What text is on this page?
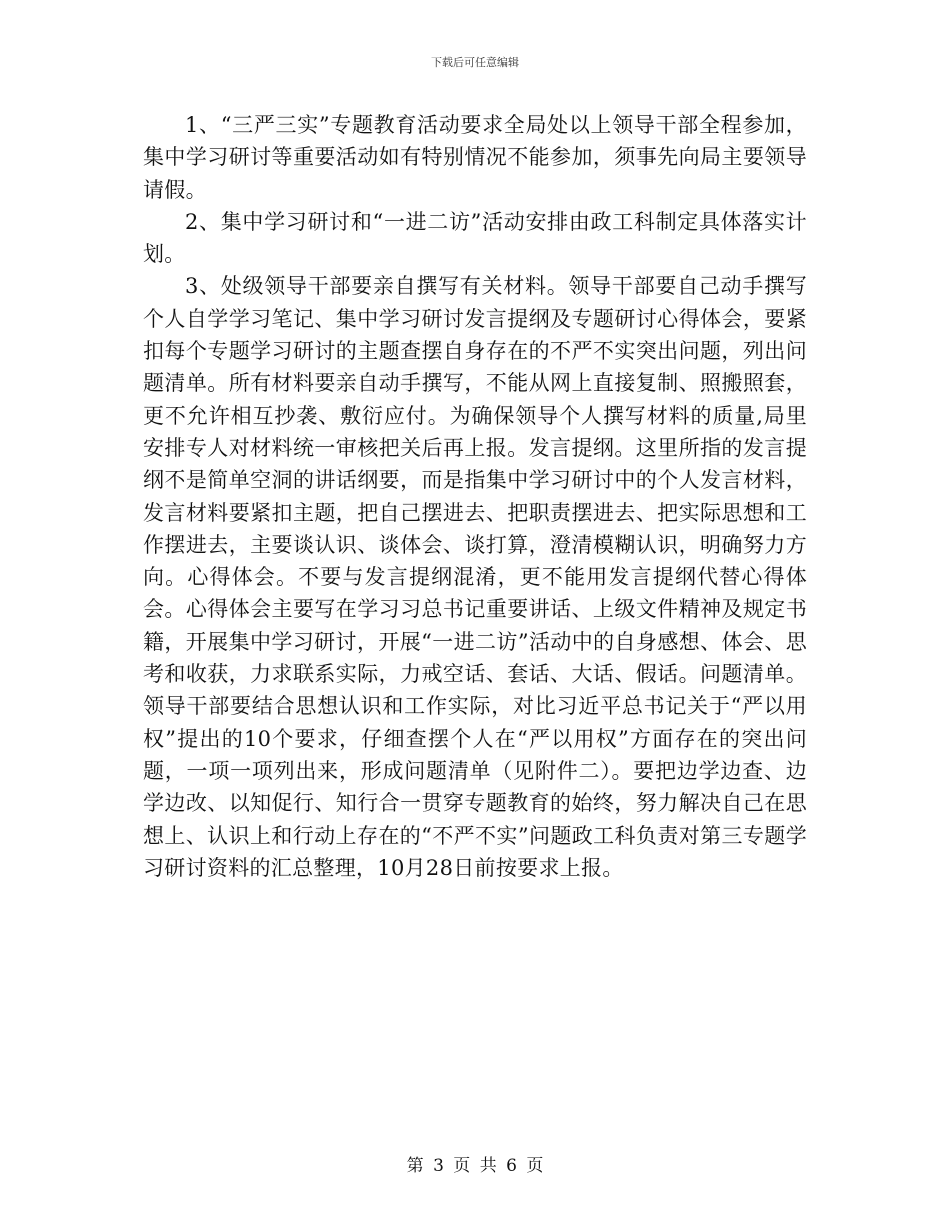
下载后可任意编辑

1、“三严三实”专题教育活动要求全局处以上领导干部全程参加，集中学习研讨等重要活动如有特别情况不能参加，须事先向局主要领导请假。

2、集中学习研讨和“一进二访”活动安排由政工科制定具体落实计划。

3、处级领导干部要亲自撰写有关材料。领导干部要自己动手撰写个人自学学习笔记、集中学习研讨发言提纲及专题研讨心得体会，要紧扣每个专题学习研讨的主题查摆自身存在的不严不实突出问题，列出问题清单。所有材料要亲自动手撰写，不能从网上直接复制、照搬照套，更不允许相互抄袭、敷衍应付。为确保领导个人撰写材料的质量,局里安排专人对材料统一审核把关后再上报。发言提纲。这里所指的发言提纲不是简单空洞的讲话纲要，而是指集中学习研讨中的个人发言材料，发言材料要紧扣主题，把自己摆进去、把职责摆进去、把实际思想和工作摆进去，主要谈认识、谈体会、谈打算，澄清模糊认识，明确努力方向。心得体会。不要与发言提纲混淆，更不能用发言提纲代替心得体会。心得体会主要写在学习习总书记重要讲话、上级文件精神及规定书籍，开展集中学习研讨，开展“一进二访”活动中的自身感想、体会、思考和收获，力求联系实际，力戒空话、套话、大话、假话。问题清单。领导干部要结合思想认识和工作实际，对比习近平总书记关于“严以用权”提出的10个要求，仔细查摆个人在“严以用权”方面存在的突出问题，一项一项列出来，形成问题清单（见附件二）。要把边学边查、边学边改、以知促行、知行合一贯穿专题教育的始终，努力解决自己在思想上、认识上和行动上存在的“不严不实”问题政工科负责对第三专题学习研讨资料的汇总整理，10月28日前按要求上报。

第 3 页 共 6 页
